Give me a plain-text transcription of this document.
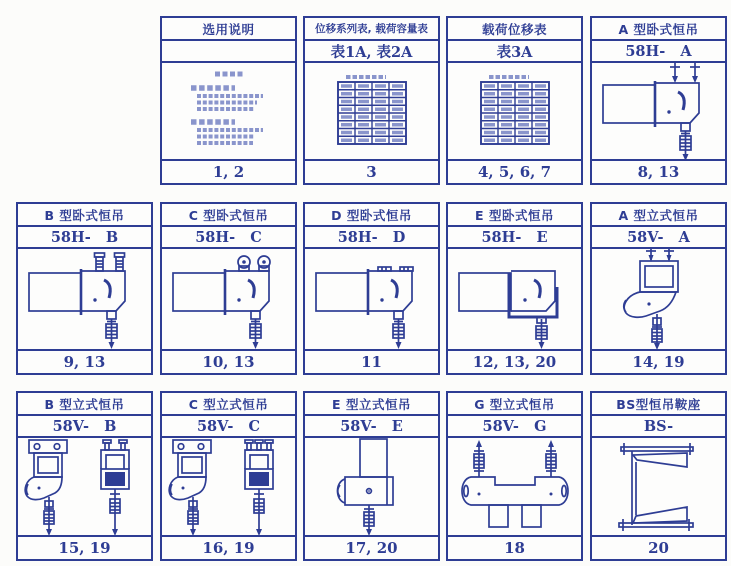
选用说明
1, 2
位移系列表, 载荷容量表
表1A, 表2A
3
载荷位移表
表3A
4, 5, 6, 7
A 型卧式恒吊
58H-   A
8, 13
B 型卧式恒吊
58H-   B
9, 13
C 型卧式恒吊
58H-   C
10, 13
D 型卧式恒吊
58H-   D
11
E 型卧式恒吊
58H-   E
12, 13, 20
A 型立式恒吊
58V-   A
14, 19
B 型立式恒吊
58V-   B
15, 19
C 型立式恒吊
58V-   C
16, 19
E 型立式恒吊
58V-   E
17, 20
G 型立式恒吊
58V-   G
18
BS型恒吊鞍座
BS-
20
